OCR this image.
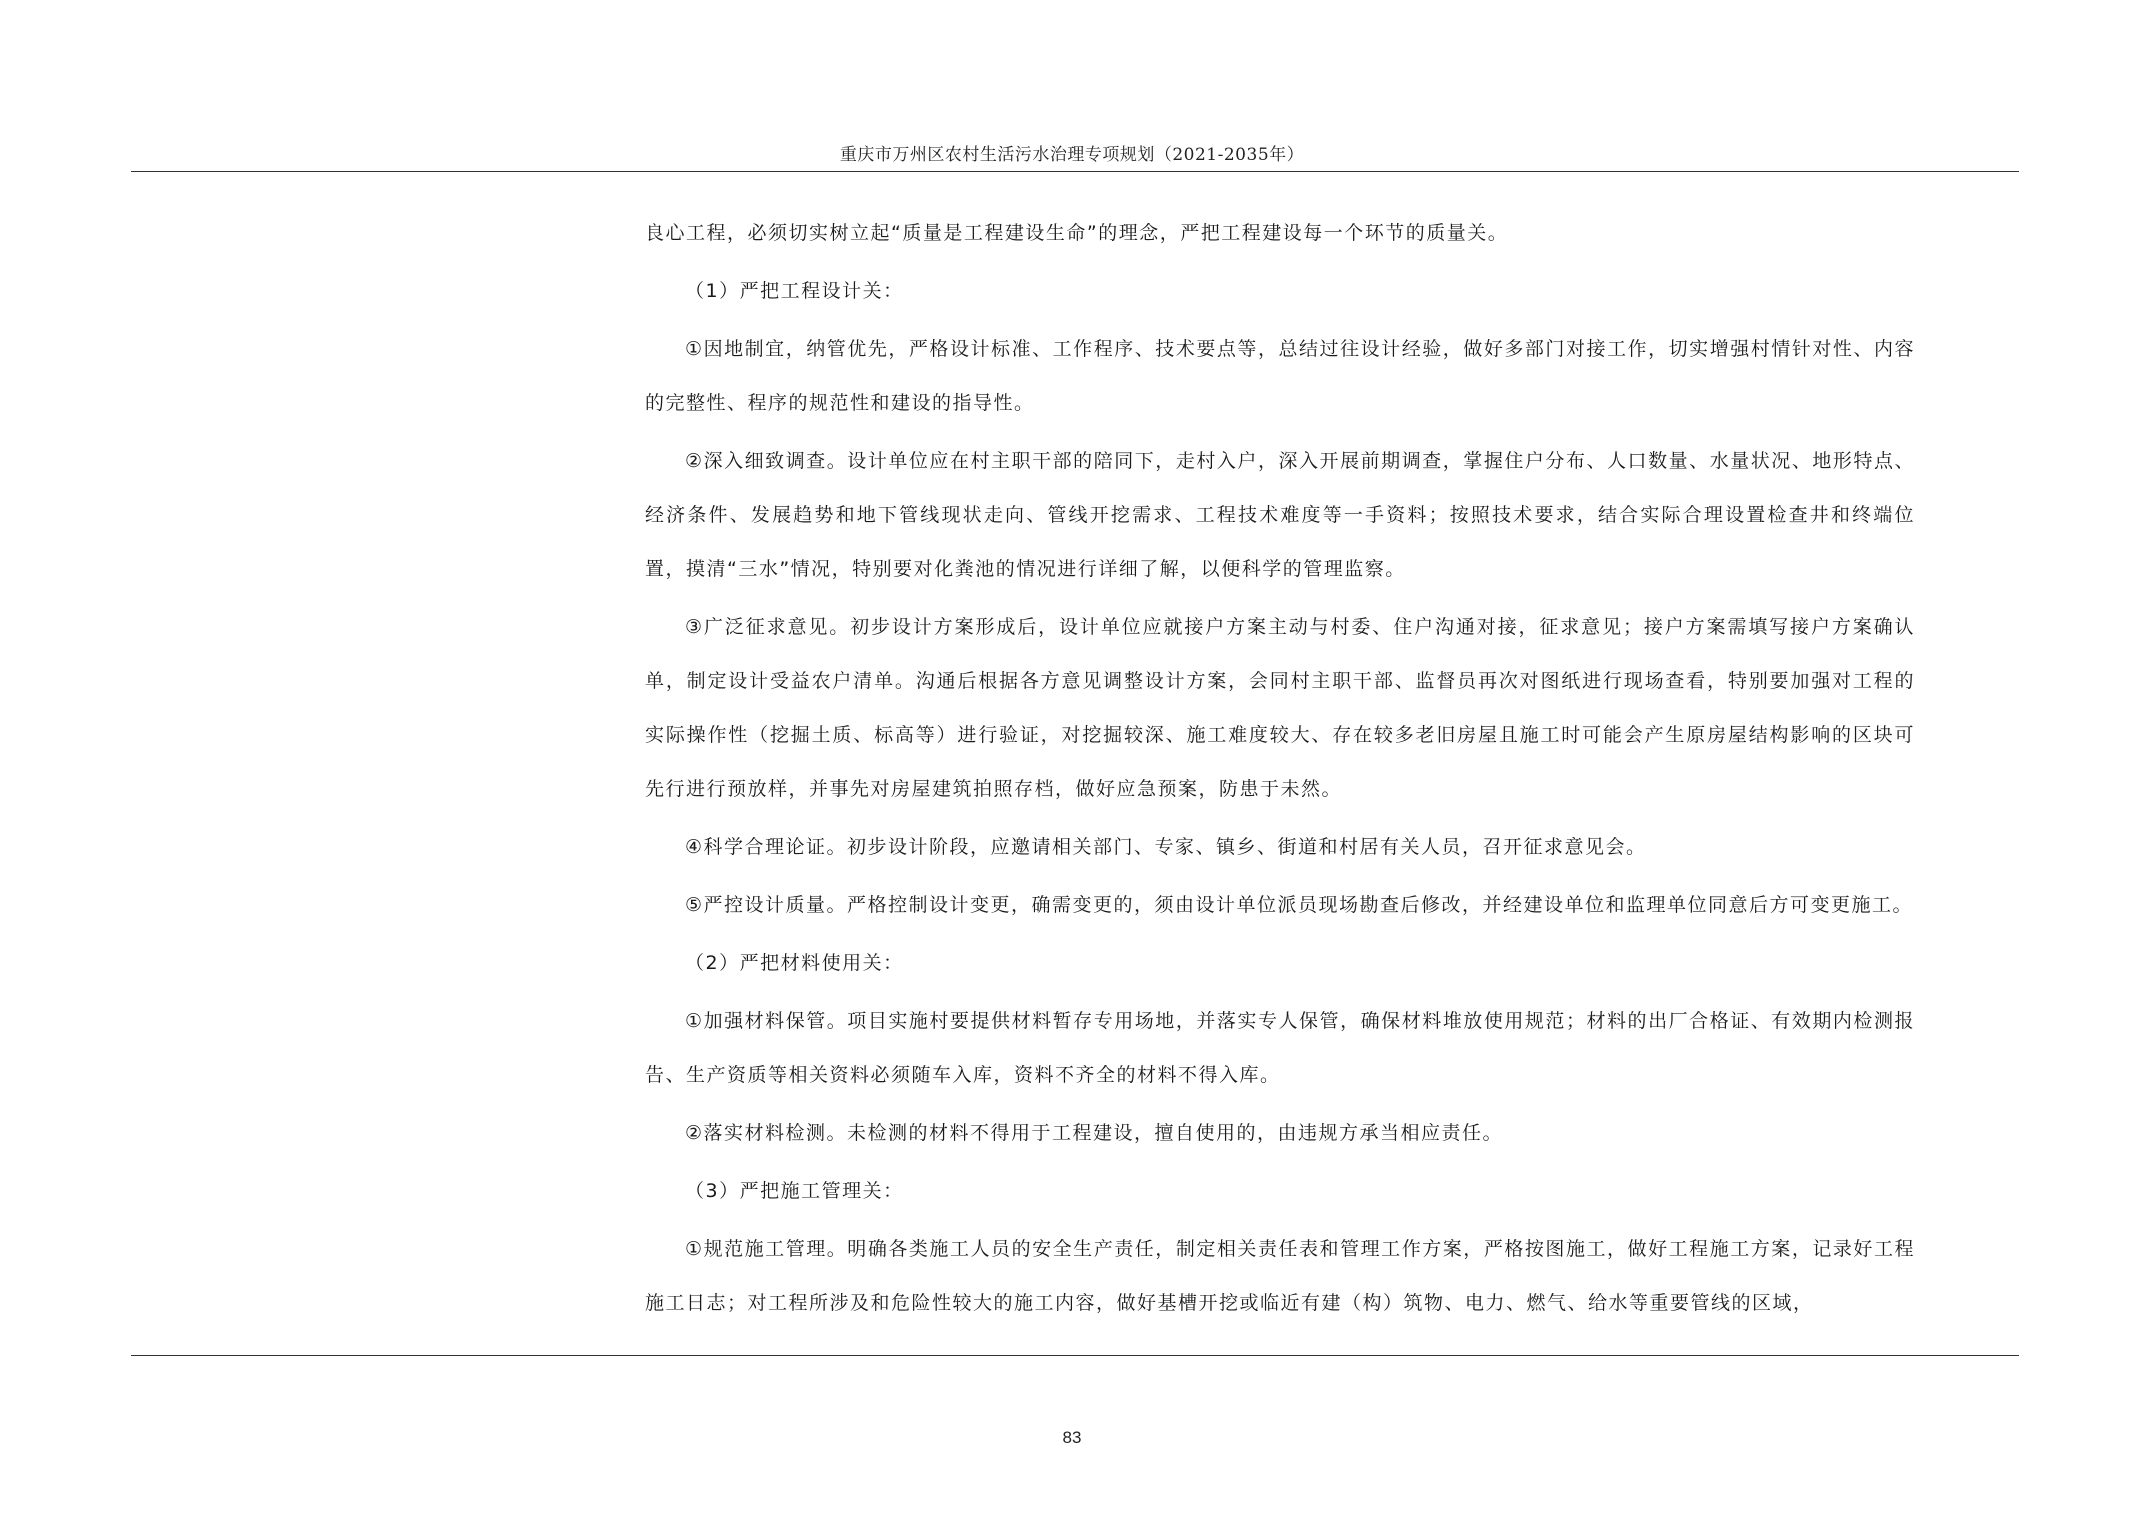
重庆市万州区农村生活污水治理专项规划（2021-2035年）

良心工程，必须切实树立起“质量是工程建设生命”的理念，严把工程建设每一个环节的质量关。

（1）严把工程设计关：

①因地制宜，纳管优先，严格设计标准、工作程序、技术要点等，总结过往设计经验，做好多部门对接工作，切实增强村情针对性、内容的完整性、程序的规范性和建设的指导性。

②深入细致调查。设计单位应在村主职干部的陪同下，走村入户，深入开展前期调查，掌握住户分布、人口数量、水量状况、地形特点、经济条件、发展趋势和地下管线现状走向、管线开挖需求、工程技术难度等一手资料；按照技术要求，结合实际合理设置检查井和终端位置，摸清“三水”情况，特别要对化粪池的情况进行详细了解，以便科学的管理监察。

③广泛征求意见。初步设计方案形成后，设计单位应就接户方案主动与村委、住户沟通对接，征求意见；接户方案需填写接户方案确认单，制定设计受益农户清单。沟通后根据各方意见调整设计方案，会同村主职干部、监督员再次对图纸进行现场查看，特别要加强对工程的实际操作性（挖掘土质、标高等）进行验证，对挖掘较深、施工难度较大、存在较多老旧房屋且施工时可能会产生原房屋结构影响的区块可先行进行预放样，并事先对房屋建筑拍照存档，做好应急预案，防患于未然。

④科学合理论证。初步设计阶段，应邀请相关部门、专家、镇乡、街道和村居有关人员，召开征求意见会。

⑤严控设计质量。严格控制设计变更，确需变更的，须由设计单位派员现场勘查后修改，并经建设单位和监理单位同意后方可变更施工。

（2）严把材料使用关：

①加强材料保管。项目实施村要提供材料暂存专用场地，并落实专人保管，确保材料堆放使用规范；材料的出厂合格证、有效期内检测报告、生产资质等相关资料必须随车入库，资料不齐全的材料不得入库。

②落实材料检测。未检测的材料不得用于工程建设，擅自使用的，由违规方承当相应责任。

（3）严把施工管理关：

①规范施工管理。明确各类施工人员的安全生产责任，制定相关责任表和管理工作方案，严格按图施工，做好工程施工方案，记录好工程施工日志；对工程所涉及和危险性较大的施工内容，做好基槽开挖或临近有建（构）筑物、电力、燃气、给水等重要管线的区域，

83
